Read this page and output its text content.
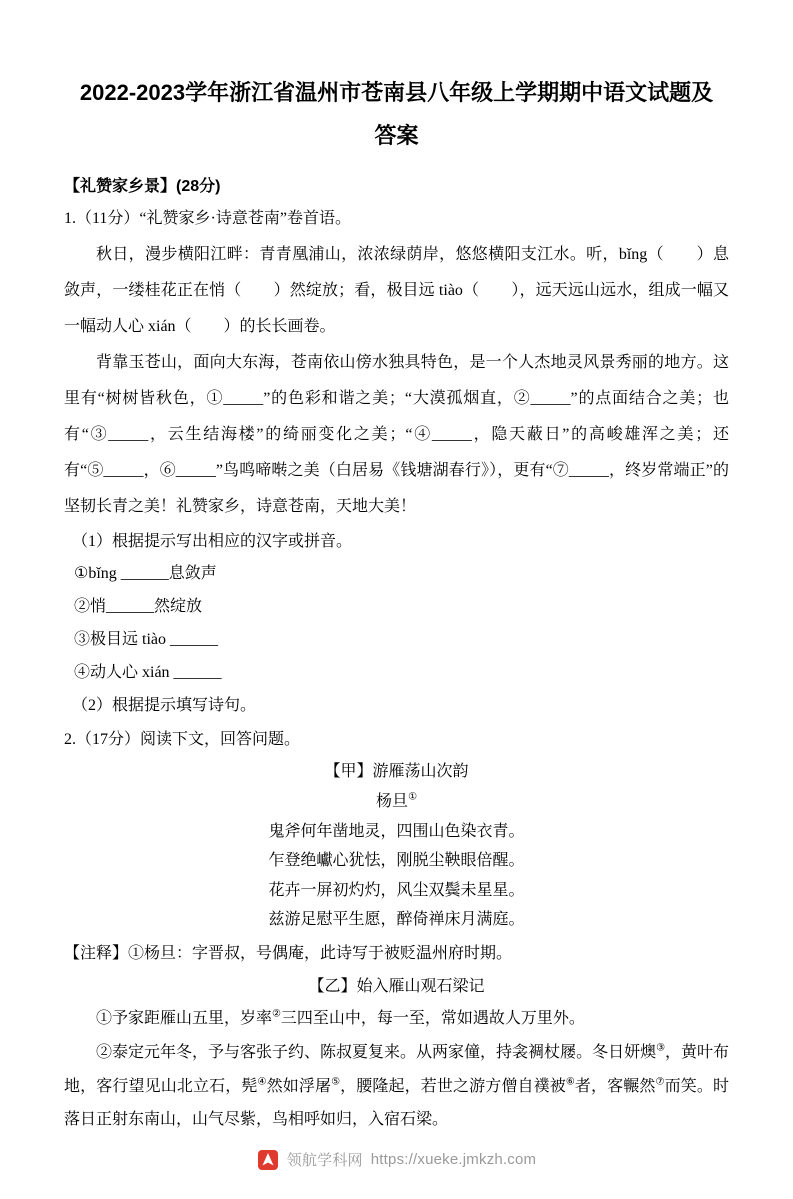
2022-2023学年浙江省温州市苍南县八年级上学期期中语文试题及答案
【礼赞家乡景】(28分)

1.（11分）“礼赞家乡·诗意苍南”卷首语。

秋日，漫步横阳江畔：青青凰浦山，浓浓绿荫岸，悠悠横阳支江水。听，bǐng（　　）息敛声，一缕桂花正在悄（　　）然绽放；看，极目远 tiào（　　），远天远山远水，组成一幅又一幅动人心 xián（　　）的长长画卷。

背靠玉苍山，面向大东海，苍南依山傍水独具特色，是一个人杰地灵风景秀丽的地方。这里有“树树皆秋色，①_____”的色彩和谐之美；“大漠孤烟直，②_____”的点面结合之美；也有“③_____，云生结海楼”的绮丽变化之美；“④_____，隐天蔽日”的高峻雄浑之美；还有“⑤_____，⑥_____”鸟鸣啼啭之美（白居易《钱塘湖春行》），更有“⑦_____，终岁常端正”的坚韧长青之美！礼赞家乡，诗意苍南，天地大美！

（1）根据提示写出相应的汉字或拼音。

①bǐng ______息敛声

②悄______然绽放

③极目远 tiào ______

④动人心 xián ______

（2）根据提示填写诗句。

2.（17分）阅读下文，回答问题。

【甲】游雁荡山次韵

杨旦①

鬼斧何年凿地灵，四围山色染衣青。

乍登绝巘心犹怯，刚脱尘鞅眼倍醒。

花卉一屏初灼灼，风尘双鬓未星星。

兹游足慰平生愿，醉倚禅床月满庭。

【注释】①杨旦：字晋叔，号偶庵，此诗写于被贬温州府时期。

【乙】始入雁山观石梁记

①予家距雁山五里，岁率②三四至山中，每一至，常如遇故人万里外。

②泰定元年冬，予与客张子约、陈叔夏复来。从两家僮，持衾裯杖屦。冬日妍燠③，黄叶布地，客行望见山北立石，髡④然如浮屠⑤，腰隆起，若世之游方僧自襆被⑥者，客冁然⑦而笑。时落日正射东南山，山气尽紫，鸟相呼如归，入宿石梁。

领航学科网 https://xueke.jmkzh.com
